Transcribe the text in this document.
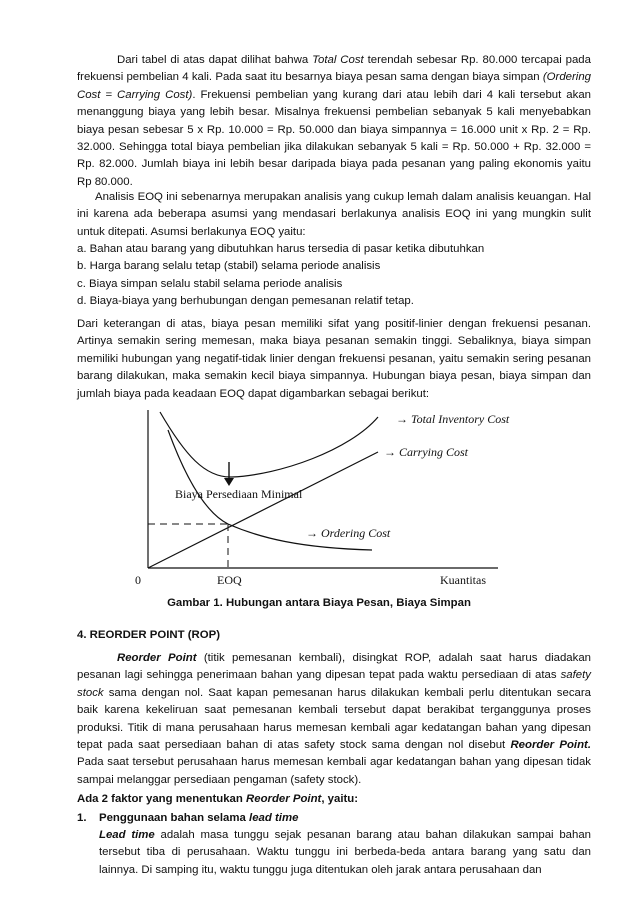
Dari tabel di atas dapat dilihat bahwa Total Cost terendah sebesar Rp. 80.000 tercapai pada frekuensi pembelian 4 kali. Pada saat itu besarnya biaya pesan sama dengan biaya simpan (Ordering Cost = Carrying Cost). Frekuensi pembelian yang kurang dari atau lebih dari 4 kali tersebut akan menanggung biaya yang lebih besar. Misalnya frekuensi pembelian sebanyak 5 kali menyebabkan biaya pesan sebesar 5 x Rp. 10.000 = Rp. 50.000 dan biaya simpannya = 16.000 unit x Rp. 2 = Rp. 32.000. Sehingga total biaya pembelian jika dilakukan sebanyak 5 kali = Rp. 50.000 + Rp. 32.000 = Rp. 82.000. Jumlah biaya ini lebih besar daripada biaya pada pesanan yang paling ekonomis yaitu Rp 80.000.

Analisis EOQ ini sebenarnya merupakan analisis yang cukup lemah dalam analisis keuangan. Hal ini karena ada beberapa asumsi yang mendasari berlakunya analisis EOQ ini yang mungkin sulit untuk ditepati. Asumsi berlakunya EOQ yaitu:

a. Bahan atau barang yang dibutuhkan harus tersedia di pasar ketika dibutuhkan
b. Harga barang selalu tetap (stabil) selama periode analisis
c. Biaya simpan selalu stabil selama periode analisis
d. Biaya-biaya yang berhubungan dengan pemesanan relatif tetap.

Dari keterangan di atas, biaya pesan memiliki sifat yang positif-linier dengan frekuensi pesanan. Artinya semakin sering memesan, maka biaya pesanan semakin tinggi. Sebaliknya, biaya simpan memiliki hubungan yang negatif-tidak linier dengan frekuensi pesanan, yaitu semakin sering pesanan barang dilakukan, maka semakin kecil biaya simpannya. Hubungan biaya pesan, biaya simpan dan jumlah biaya pada keadaan EOQ dapat digambarkan sebagai berikut:

→ Total Inventory Cost
→ Carrying Cost
Biaya Persediaan Minimal
→ Ordering Cost
0	EOQ	Kuantitas
Gambar 1. Hubungan antara Biaya Pesan, Biaya Simpan
4. REORDER POINT (ROP)

Reorder Point (titik pemesanan kembali), disingkat ROP, adalah saat harus diadakan pesanan lagi sehingga penerimaan bahan yang dipesan tepat pada waktu persediaan di atas safety stock sama dengan nol. Saat kapan pemesanan harus dilakukan kembali perlu ditentukan secara baik karena kekeliruan saat pemesanan kembali tersebut dapat berakibat terganggunya proses produksi. Titik di mana perusahaan harus memesan kembali agar kedatangan bahan yang dipesan tepat pada saat persediaan bahan di atas safety stock sama dengan nol disebut Reorder Point. Pada saat tersebut perusahaan harus memesan kembali agar kedatangan bahan yang dipesan tidak sampai melanggar persediaan pengaman (safety stock).

Ada 2 faktor yang menentukan Reorder Point, yaitu:
1. Penggunaan bahan selama lead time

Lead time adalah masa tunggu sejak pesanan barang atau bahan dilakukan sampai bahan tersebut tiba di perusahaan. Waktu tunggu ini berbeda-beda antara barang yang satu dan lainnya. Di samping itu, waktu tunggu juga ditentukan oleh jarak antara perusahaan dan
